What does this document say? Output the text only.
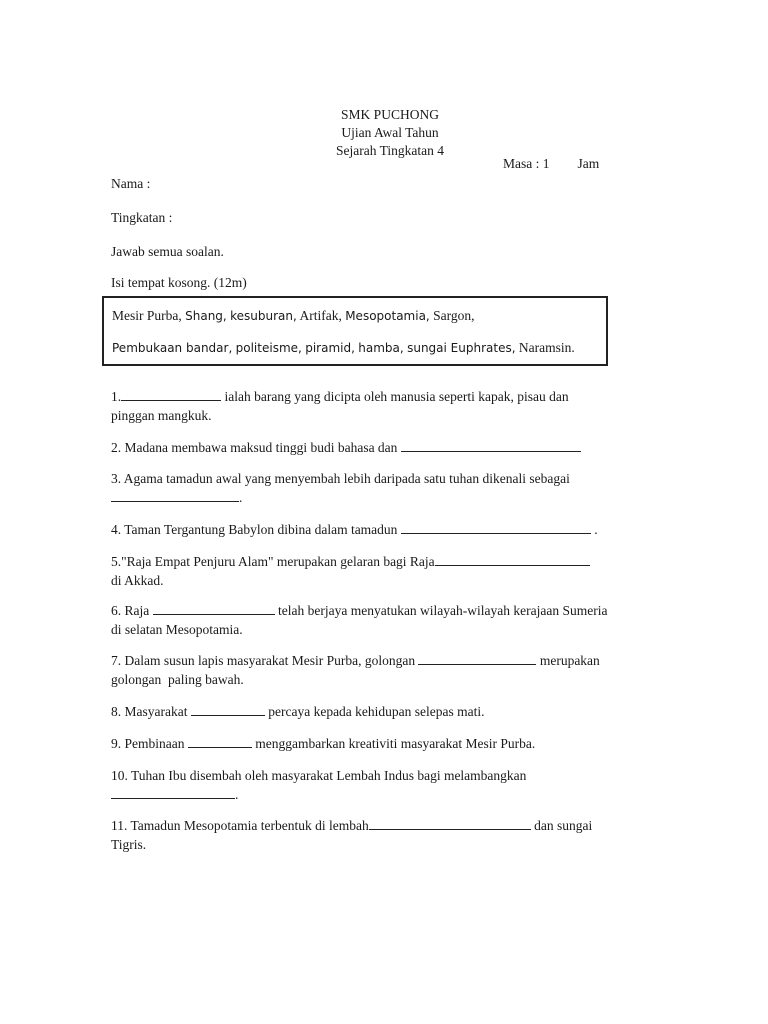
SMK PUCHONG
Ujian Awal Tahun
Sejarah Tingkatan 4
Masa : 1 Jam
Nama :
Tingkatan :
Jawab semua soalan.
Isi tempat kosong. (12m)
Mesir Purba, Shang, kesuburan, Artifak, Mesopotamia, Sargon,
Pembukaan bandar, politeisme, piramid, hamba, sungai Euphrates, Naramsin.
1.	ialah barang yang dicipta oleh manusia seperti kapak, pisau dan
pinggan mangkuk.
2. Madana membawa maksud tinggi budi bahasa dan
3. Agama tamadun awal yang menyembah lebih daripada satu tuhan dikenali sebagai
.
4. Taman Tergantung Babylon dibina dalam tamadun	.
5."Raja Empat Penjuru Alam" merupakan gelaran bagi Raja
di Akkad.
6. Raja	telah berjaya menyatukan wilayah-wilayah kerajaan Sumeria
di selatan Mesopotamia.
7. Dalam susun lapis masyarakat Mesir Purba, golongan	merupakan
golongan  paling bawah.
8. Masyarakat	percaya kepada kehidupan selepas mati.
9. Pembinaan	menggambarkan kreativiti masyarakat Mesir Purba.
10. Tuhan Ibu disembah oleh masyarakat Lembah Indus bagi melambangkan
.
11. Tamadun Mesopotamia terbentuk di lembah	dan sungai
Tigris.
